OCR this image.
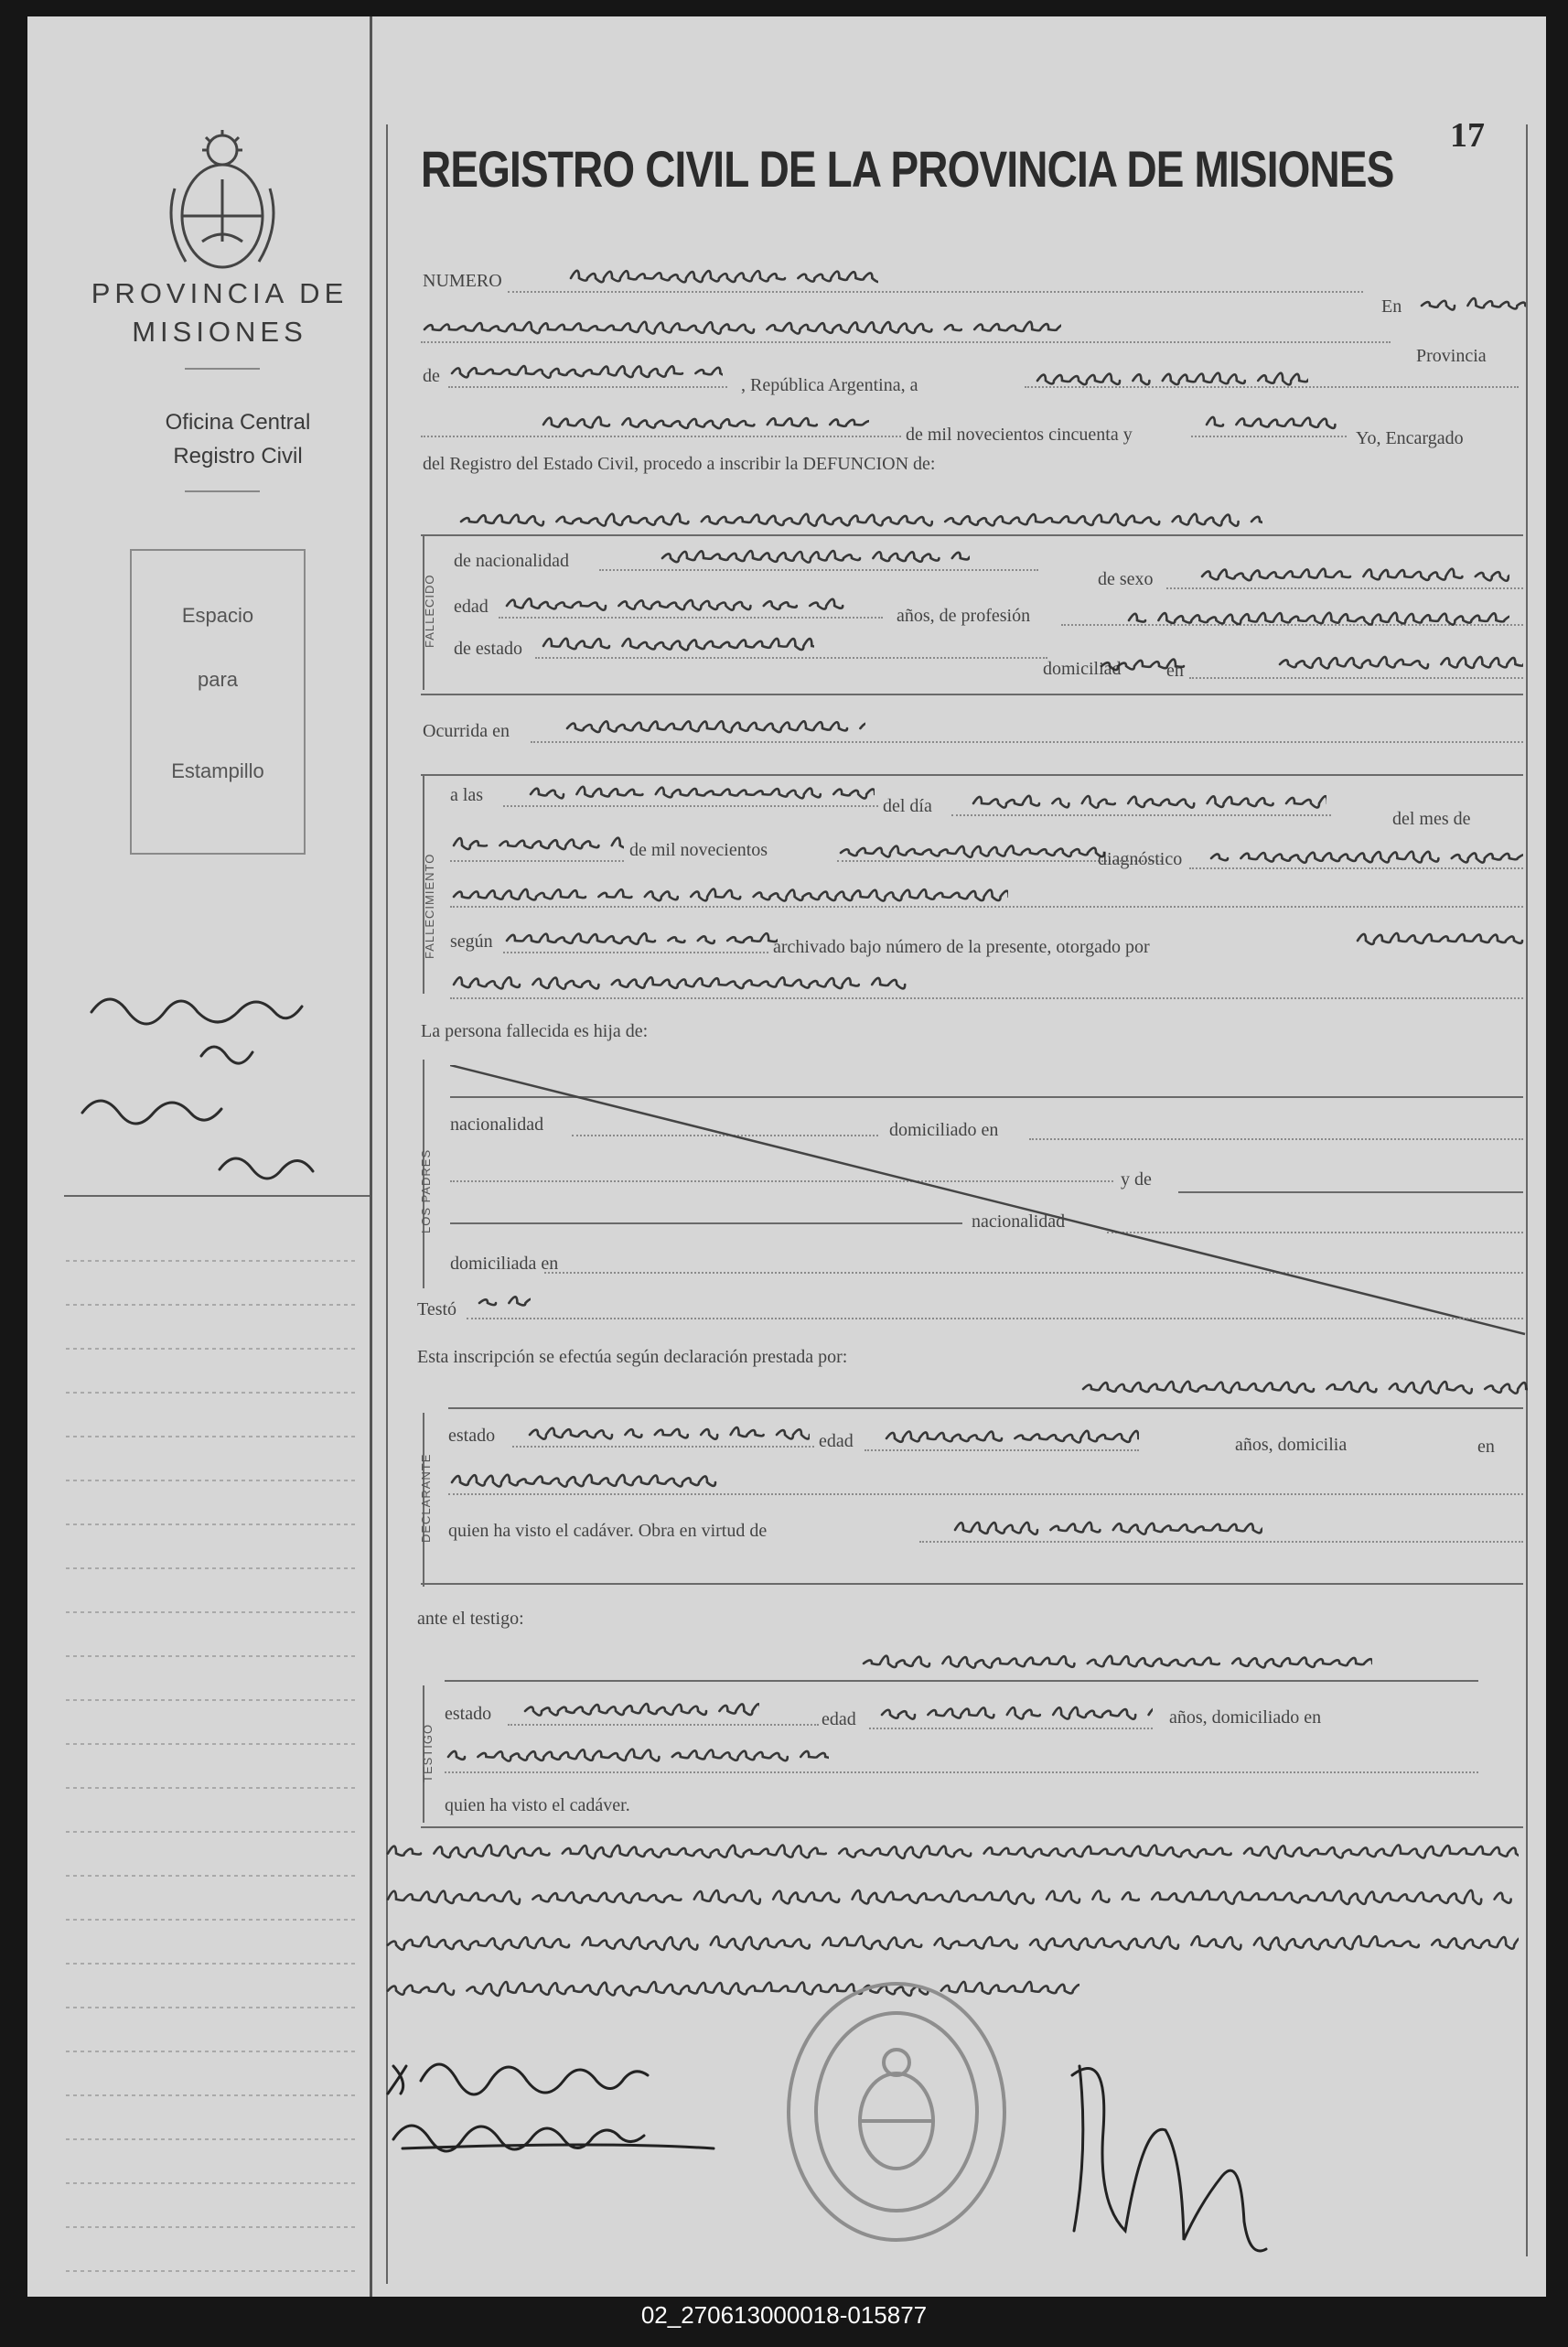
PROVINCIA DE
MISIONES
Oficina Central
Registro Civil
Espacio
para
Estampillo
17
REGISTRO CIVIL DE LA PROVINCIA DE MISIONES
NUMERO
En
Provincia
de	, República Argentina, a
de mil novecientos cincuenta y	Yo, Encargado
del Registro del Estado Civil, procedo a inscribir la DEFUNCION de:
FALLECIDO
de nacionalidad
de sexo
edad	años, de profesión
de estado
domiciliad en
Ocurrida en
FALLECIMIENTO
a las
del día
del mes de
de mil novecientos	diagnóstico
según	archivado bajo número de la presente, otorgado por
La persona fallecida es hija de:
LOS PADRES
nacionalidad	domiciliado en
y de
nacionalidad
domiciliada en
Testó
Esta inscripción se efectúa según declaración prestada por:
DECLARANTE
estado	edad	años, domicilia	en
quien ha visto el cadáver. Obra en virtud de
ante el testigo:
TESTIGO
estado	edad	años, domiciliado en
quien ha visto el cadáver.
02_270613000018-015877
